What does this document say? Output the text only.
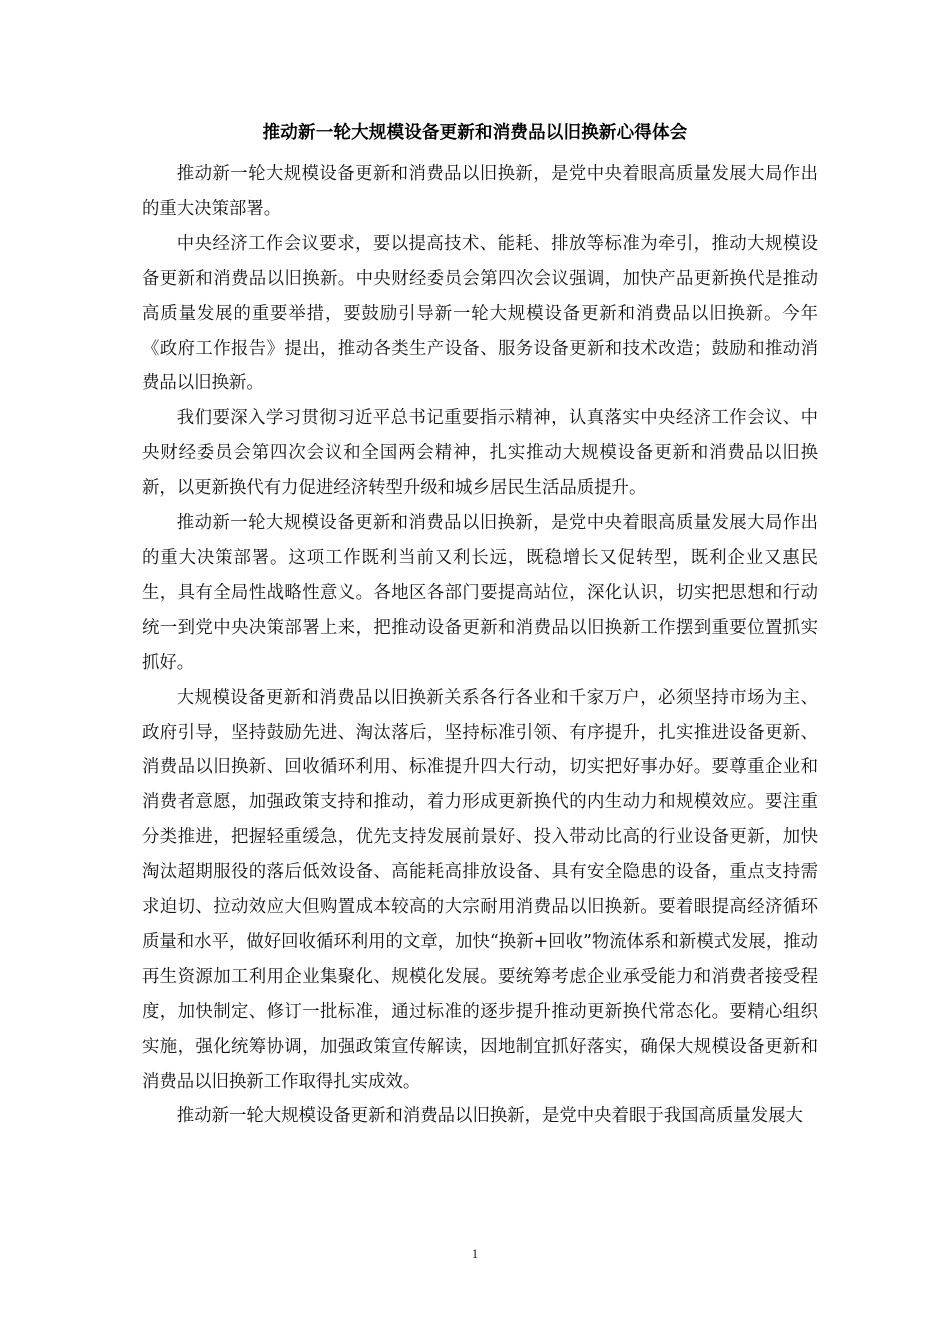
推动新一轮大规模设备更新和消费品以旧换新心得体会

推动新一轮大规模设备更新和消费品以旧换新，是党中央着眼高质量发展大局作出的重大决策部署。

中央经济工作会议要求，要以提高技术、能耗、排放等标准为牵引，推动大规模设备更新和消费品以旧换新。中央财经委员会第四次会议强调，加快产品更新换代是推动高质量发展的重要举措，要鼓励引导新一轮大规模设备更新和消费品以旧换新。今年《政府工作报告》提出，推动各类生产设备、服务设备更新和技术改造；鼓励和推动消费品以旧换新。

我们要深入学习贯彻习近平总书记重要指示精神，认真落实中央经济工作会议、中央财经委员会第四次会议和全国两会精神，扎实推动大规模设备更新和消费品以旧换新，以更新换代有力促进经济转型升级和城乡居民生活品质提升。

推动新一轮大规模设备更新和消费品以旧换新，是党中央着眼高质量发展大局作出的重大决策部署。这项工作既利当前又利长远，既稳增长又促转型，既利企业又惠民生，具有全局性战略性意义。各地区各部门要提高站位，深化认识，切实把思想和行动统一到党中央决策部署上来，把推动设备更新和消费品以旧换新工作摆到重要位置抓实抓好。

大规模设备更新和消费品以旧换新关系各行各业和千家万户，必须坚持市场为主、政府引导，坚持鼓励先进、淘汰落后，坚持标准引领、有序提升，扎实推进设备更新、消费品以旧换新、回收循环利用、标准提升四大行动，切实把好事办好。要尊重企业和消费者意愿，加强政策支持和推动，着力形成更新换代的内生动力和规模效应。要注重分类推进，把握轻重缓急，优先支持发展前景好、投入带动比高的行业设备更新，加快淘汰超期服役的落后低效设备、高能耗高排放设备、具有安全隐患的设备，重点支持需求迫切、拉动效应大但购置成本较高的大宗耐用消费品以旧换新。要着眼提高经济循环质量和水平，做好回收循环利用的文章，加快“换新+回收”物流体系和新模式发展，推动再生资源加工利用企业集聚化、规模化发展。要统筹考虑企业承受能力和消费者接受程度，加快制定、修订一批标准，通过标准的逐步提升推动更新换代常态化。要精心组织实施，强化统筹协调，加强政策宣传解读，因地制宜抓好落实，确保大规模设备更新和消费品以旧换新工作取得扎实成效。

推动新一轮大规模设备更新和消费品以旧换新，是党中央着眼于我国高质量发展大

1
